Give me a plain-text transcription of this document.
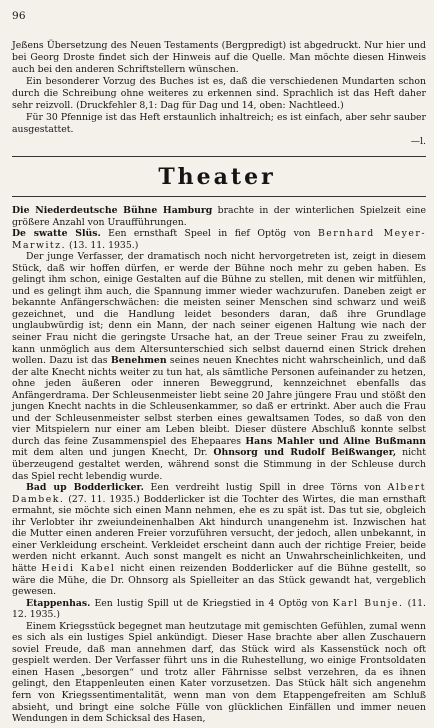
96

Jeßens Übersetzung des Neuen Testaments (Bergpredigt) ist abgedruckt. Nur hier und bei Georg Droste findet sich der Hinweis auf die Quelle. Man möchte diesen Hinweis auch bei den anderen Schriftstellern wünschen.

Ein besonderer Vorzug des Buches ist es, daß die verschiedenen Mundarten schon durch die Schreibung ohne weiteres zu erkennen sind. Sprachlich ist das Heft daher sehr reizvoll. (Druckfehler 8,1: Dag für Dag und 14, oben: Nachtleed.)

Für 30 Pfennige ist das Heft erstaunlich inhaltreich; es ist einfach, aber sehr sauber ausgestattet.

—l.
Theater

Die Niederdeutsche Bühne Hamburg brachte in der winterlichen Spielzeit eine größere Anzahl von Uraufführungen.

De swatte Slüs. Een ernsthaft Speel in fief Optög von Bernhard Meyer-Marwitz. (13. 11. 1935.)

Der junge Verfasser, der dramatisch noch nicht hervorgetreten ist, zeigt in diesem Stück, daß wir hoffen dürfen, er werde der Bühne noch mehr zu geben haben. Es gelingt ihm schon, einige Gestalten auf die Bühne zu stellen, mit denen wir mitfühlen, und es gelingt ihm auch, die Spannung immer wieder wachzurufen. Daneben zeigt er bekannte Anfängerschwächen: die meisten seiner Menschen sind schwarz und weiß gezeichnet, und die Handlung leidet besonders daran, daß ihre Grundlage unglaubwürdig ist; denn ein Mann, der nach seiner eigenen Haltung wie nach der seiner Frau nicht die geringste Ursache hat, an der Treue seiner Frau zu zweifeln, kann unmöglich aus dem Altersunterschied sich selbst dauernd einen Strick drehen wollen. Dazu ist das Benehmen seines neuen Knechtes nicht wahrscheinlich, und daß der alte Knecht nichts weiter zu tun hat, als sämtliche Personen aufeinander zu hetzen, ohne jeden äußeren oder inneren Beweggrund, kennzeichnet ebenfalls das Anfängerdrama. Der Schleusenmeister liebt seine 20 Jahre jüngere Frau und stößt den jungen Knecht nachts in die Schleusenkammer, so daß er ertrinkt. Aber auch die Frau und der Schleusenmeister selbst sterben eines gewaltsamen Todes, so daß von den vier Mitspielern nur einer am Leben bleibt. Dieser düstere Abschluß konnte selbst durch das feine Zusammenspiel des Ehepaares Hans Mahler und Aline Bußmann mit dem alten und jungen Knecht, Dr. Ohnsorg und Rudolf Beißwanger, nicht überzeugend gestaltet werden, während sonst die Stimmung in der Schleuse durch das Spiel recht lebendig wurde.

Bad up Bodderlicker. Een verdreiht lustig Spill in dree Törns von Albert Dambek. (27. 11. 1935.) Bodderlicker ist die Tochter des Wirtes, die man ernsthaft ermahnt, sie möchte sich einen Mann nehmen, ehe es zu spät ist. Das tut sie, obgleich ihr Verlobter ihr zweiundeinenhalben Akt hindurch unangenehm ist. Inzwischen hat die Mutter einen anderen Freier vorzuführen versucht, der jedoch, allen unbekannt, in einer Verkleidung erscheint. Verkleidet erscheint dann auch der richtige Freier, beide werden nicht erkannt. Auch sonst mangelt es nicht an Unwahrscheinlichkeiten, und hätte Heidi Kabel nicht einen reizenden Bodderlicker auf die Bühne gestellt, so wäre die Mühe, die Dr. Ohnsorg als Spielleiter an das Stück gewandt hat, vergeblich gewesen.

Etappenhas. Een lustig Spill ut de Kriegstied in 4 Optög von Karl Bunje. (11. 12. 1935.)

Einem Kriegsstück begegnet man heutzutage mit gemischten Gefühlen, zumal wenn es sich als ein lustiges Spiel ankündigt. Dieser Hase brachte aber allen Zuschauern soviel Freude, daß man annehmen darf, das Stück wird als Kassenstück noch oft gespielt werden. Der Verfasser führt uns in die Ruhestellung, wo einige Frontsoldaten einen Hasen „besorgen“ und trotz aller Fährnisse selbst verzehren, da es ihnen gelingt, den Etappenleuten einen Kater vorzusetzen. Das Stück hält sich angenehm fern von Kriegssentimentalität, wenn man von dem Etappengefreiten am Schluß absieht, und bringt eine solche Fülle von glücklichen Einfällen und immer neuen Wendungen in dem Schicksal des Hasen,
